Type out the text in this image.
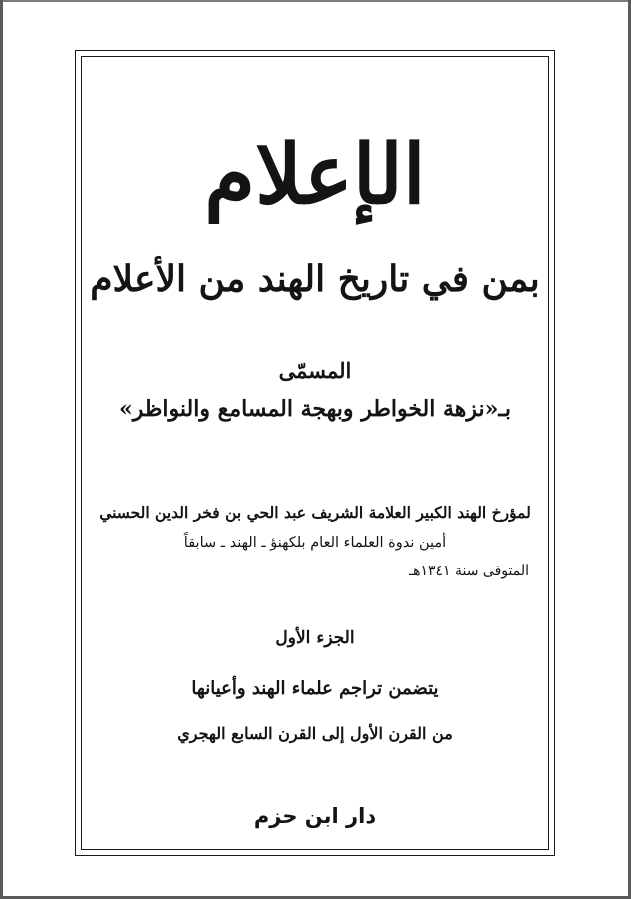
الإعلام
بمن في تاريخ الهند من الأعلام
المسمّى
بـ«نزهة الخواطر وبهجة المسامع والنواظر»
لمؤرخ الهند الكبير العلامة الشريف عبد الحي بن فخر الدين الحسني
أمين ندوة العلماء العام بلكهنؤ ـ الهند ـ سابقاً
المتوفى سنة ١٣٤١هـ
الجزء الأول
يتضمن تراجم علماء الهند وأعيانها
من القرن الأول إلى القرن السابع الهجري
دار ابن حزم
